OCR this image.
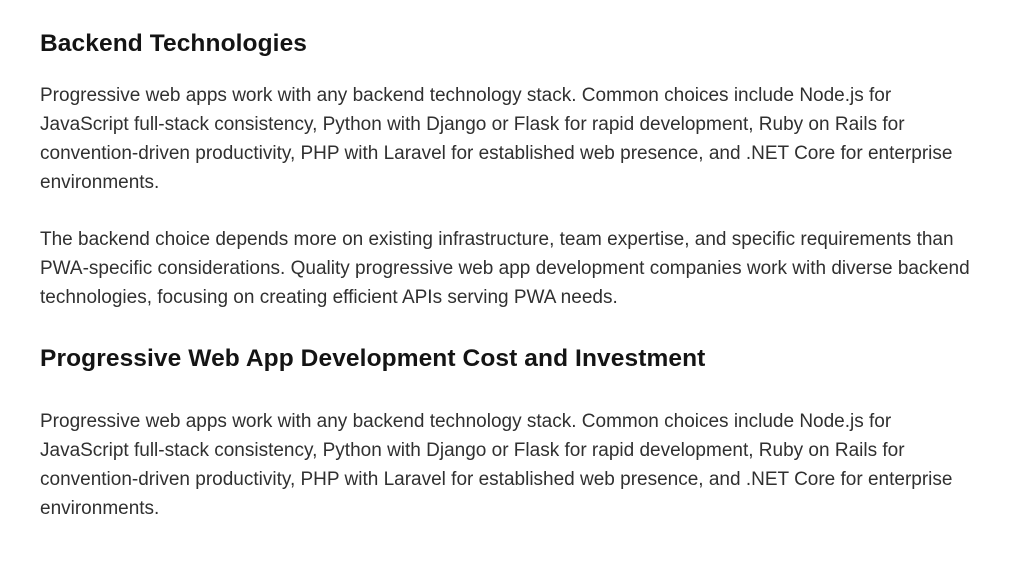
Backend Technologies

Progressive web apps work with any backend technology stack. Common choices include Node.js for JavaScript full-stack consistency, Python with Django or Flask for rapid development, Ruby on Rails for convention-driven productivity, PHP with Laravel for established web presence, and .NET Core for enterprise environments.

The backend choice depends more on existing infrastructure, team expertise, and specific requirements than PWA-specific considerations. Quality progressive web app development companies work with diverse backend technologies, focusing on creating efficient APIs serving PWA needs.

Progressive Web App Development Cost and Investment

Progressive web apps work with any backend technology stack. Common choices include Node.js for JavaScript full-stack consistency, Python with Django or Flask for rapid development, Ruby on Rails for convention-driven productivity, PHP with Laravel for established web presence, and .NET Core for enterprise environments.
